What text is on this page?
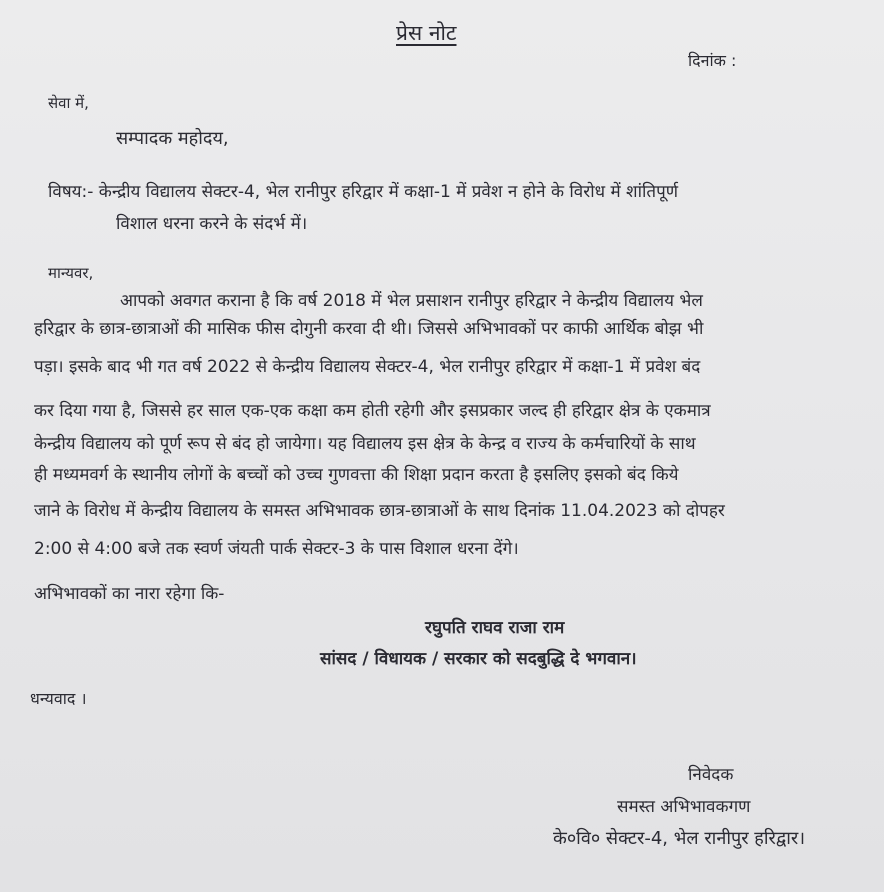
प्रेस नोट
दिनांक :
सेवा में,
सम्पादक महोदय,
विषय:- केन्द्रीय विद्यालय सेक्टर-4, भेल रानीपुर हरिद्वार में कक्षा-1 में प्रवेश न होने के विरोध में शांतिपूर्ण
विशाल धरना करने के संदर्भ में।
मान्यवर,
आपको अवगत कराना है कि वर्ष 2018 में भेल प्रसाशन रानीपुर हरिद्वार ने केन्द्रीय विद्यालय भेल
हरिद्वार के छात्र-छात्राओं की मासिक फीस दोगुनी करवा दी थी। जिससे अभिभावकों पर काफी आर्थिक बोझ भी
पड़ा। इसके बाद भी गत वर्ष 2022 से केन्द्रीय विद्यालय सेक्टर-4, भेल रानीपुर हरिद्वार में कक्षा-1 में प्रवेश बंद
कर दिया गया है, जिससे हर साल एक-एक कक्षा कम होती रहेगी और इसप्रकार जल्द ही हरिद्वार क्षेत्र के एकमात्र
केन्द्रीय विद्यालय को पूर्ण रूप से बंद हो जायेगा। यह विद्यालय इस क्षेत्र के केन्द्र व राज्य के कर्मचारियों के साथ
ही मध्यमवर्ग के स्थानीय लोगों के बच्चों को उच्च गुणवत्ता की शिक्षा प्रदान करता है इसलिए इसको बंद किये
जाने के विरोध में केन्द्रीय विद्यालय के समस्त अभिभावक छात्र-छात्राओं के साथ दिनांक 11.04.2023 को दोपहर
2:00 से 4:00 बजे तक स्वर्ण जंयती पार्क सेक्टर-3 के पास विशाल धरना देंगे।
अभिभावकों का नारा रहेगा कि-
रघुपति राघव राजा राम
सांसद / विधायक / सरकार को सदबुद्धि दे भगवान।
धन्यवाद ।
निवेदक
समस्त अभिभावकगण
के०वि० सेक्टर-4, भेल रानीपुर हरिद्वार।
